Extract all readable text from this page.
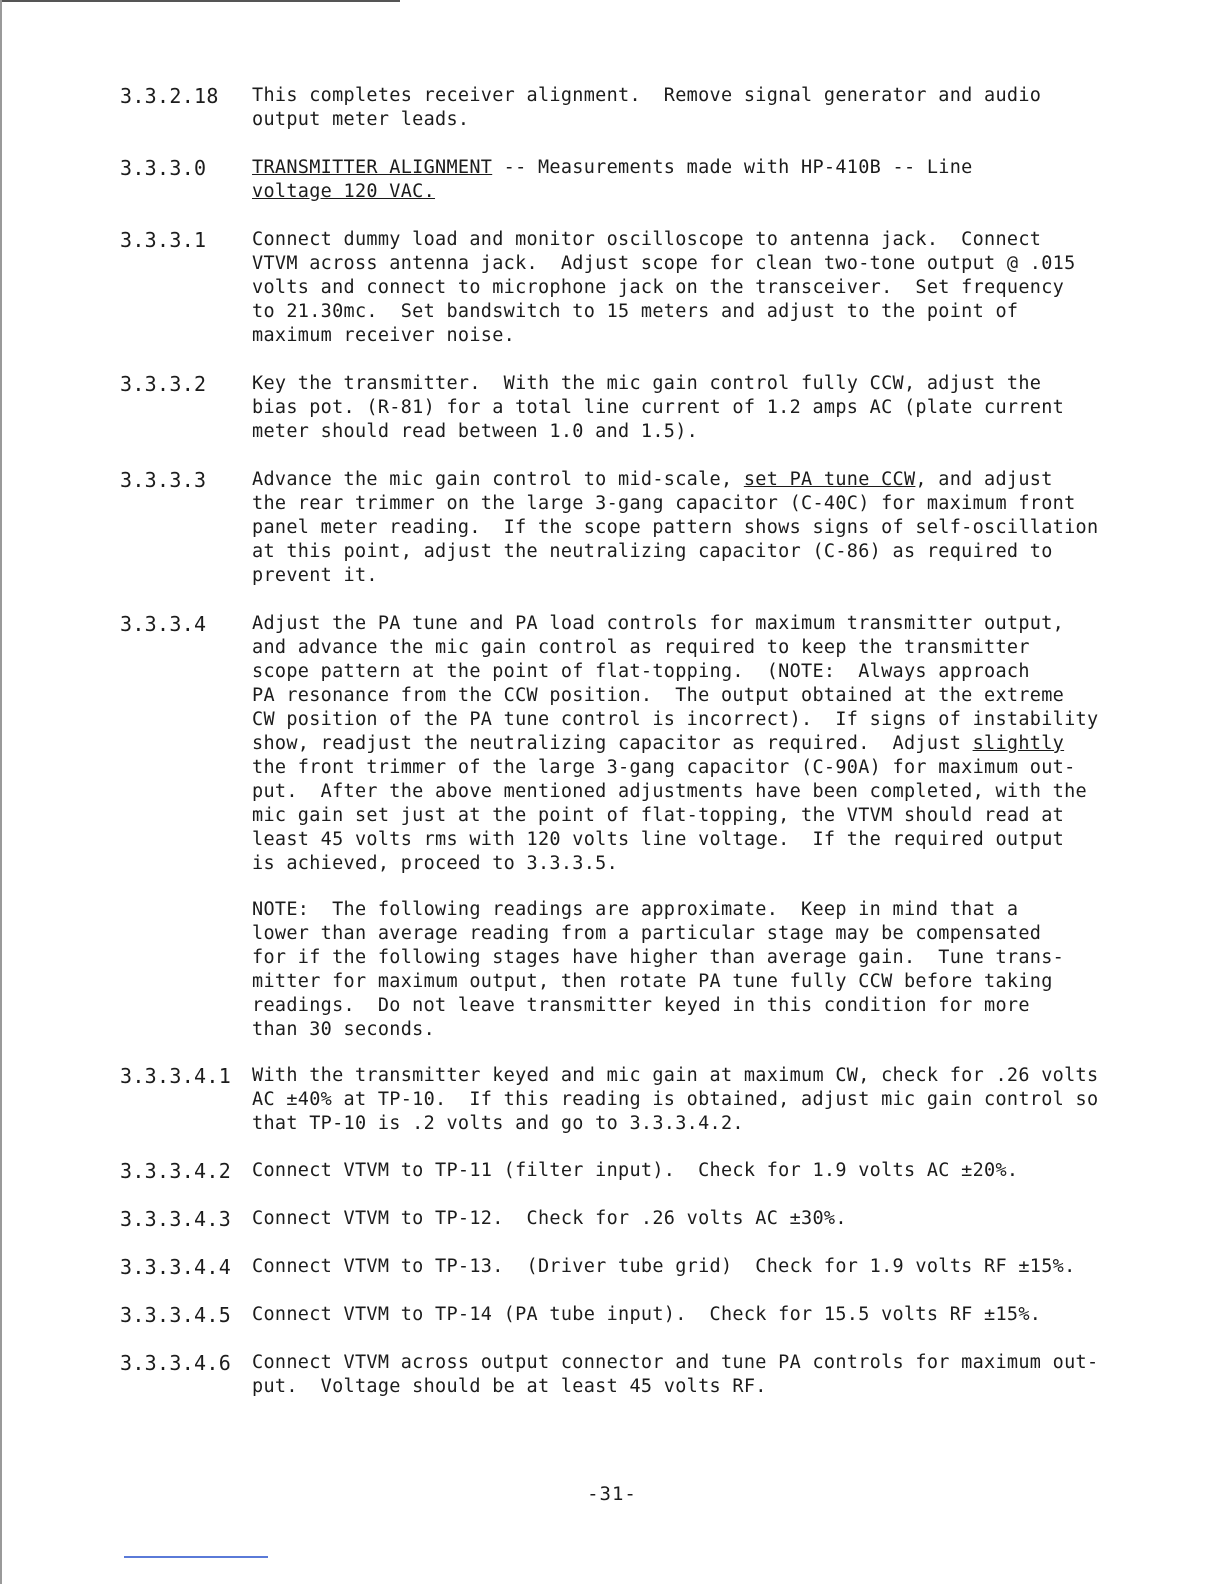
3.3.2.18	This completes receiver alignment.  Remove signal generator and audio
output meter leads.
3.3.3.0	TRANSMITTER ALIGNMENT -- Measurements made with HP-410B -- Line
voltage 120 VAC.
3.3.3.1	Connect dummy load and monitor oscilloscope to antenna jack.  Connect
VTVM across antenna jack.  Adjust scope for clean two-tone output @ .015
volts and connect to microphone jack on the transceiver.  Set frequency
to 21.30mc.  Set bandswitch to 15 meters and adjust to the point of
maximum receiver noise.
3.3.3.2	Key the transmitter.  With the mic gain control fully CCW, adjust the
bias pot. (R-81) for a total line current of 1.2 amps AC (plate current
meter should read between 1.0 and 1.5).
3.3.3.3	Advance the mic gain control to mid-scale, set PA tune CCW, and adjust
the rear trimmer on the large 3-gang capacitor (C-40C) for maximum front
panel meter reading.  If the scope pattern shows signs of self-oscillation
at this point, adjust the neutralizing capacitor (C-86) as required to
prevent it.
3.3.3.4	Adjust the PA tune and PA load controls for maximum transmitter output,
and advance the mic gain control as required to keep the transmitter
scope pattern at the point of flat-topping.  (NOTE:  Always approach
PA resonance from the CCW position.  The output obtained at the extreme
CW position of the PA tune control is incorrect).  If signs of instability
show, readjust the neutralizing capacitor as required.  Adjust slightly
the front trimmer of the large 3-gang capacitor (C-90A) for maximum out-
put.  After the above mentioned adjustments have been completed, with the
mic gain set just at the point of flat-topping, the VTVM should read at
least 45 volts rms with 120 volts line voltage.  If the required output
is achieved, proceed to 3.3.3.5.
NOTE:  The following readings are approximate.  Keep in mind that a
lower than average reading from a particular stage may be compensated
for if the following stages have higher than average gain.  Tune trans-
mitter for maximum output, then rotate PA tune fully CCW before taking
readings.  Do not leave transmitter keyed in this condition for more
than 30 seconds.
3.3.3.4.1	With the transmitter keyed and mic gain at maximum CW, check for .26 volts
AC ±40% at TP-10.  If this reading is obtained, adjust mic gain control so
that TP-10 is .2 volts and go to 3.3.3.4.2.
3.3.3.4.2	Connect VTVM to TP-11 (filter input).  Check for 1.9 volts AC ±20%.
3.3.3.4.3	Connect VTVM to TP-12.  Check for .26 volts AC ±30%.
3.3.3.4.4	Connect VTVM to TP-13.  (Driver tube grid)  Check for 1.9 volts RF ±15%.
3.3.3.4.5	Connect VTVM to TP-14 (PA tube input).  Check for 15.5 volts RF ±15%.
3.3.3.4.6	Connect VTVM across output connector and tune PA controls for maximum out-
put.  Voltage should be at least 45 volts RF.
-31-
